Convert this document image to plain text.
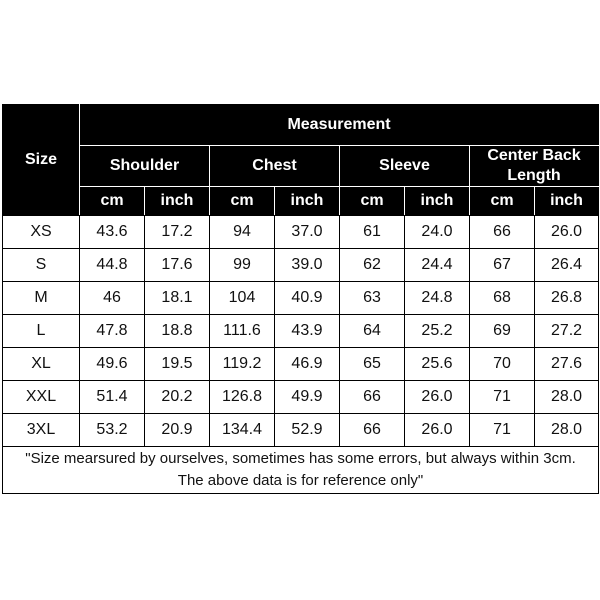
Size	Measurement							
	Shoulder		Chest		Sleeve		Center Back Length	
	cm	inch	cm	inch	cm	inch	cm	inch
XS	43.6	17.2	94	37.0	61	24.0	66	26.0
S	44.8	17.6	99	39.0	62	24.4	67	26.4
M	46	18.1	104	40.9	63	24.8	68	26.8
L	47.8	18.8	111.6	43.9	64	25.2	69	27.2
XL	49.6	19.5	119.2	46.9	65	25.6	70	27.6
XXL	51.4	20.2	126.8	49.9	66	26.0	71	28.0
3XL	53.2	20.9	134.4	52.9	66	26.0	71	28.0
"Size mearsured by ourselves, sometimes has some errors, but always within 3cm.
The above data is for reference only"								
